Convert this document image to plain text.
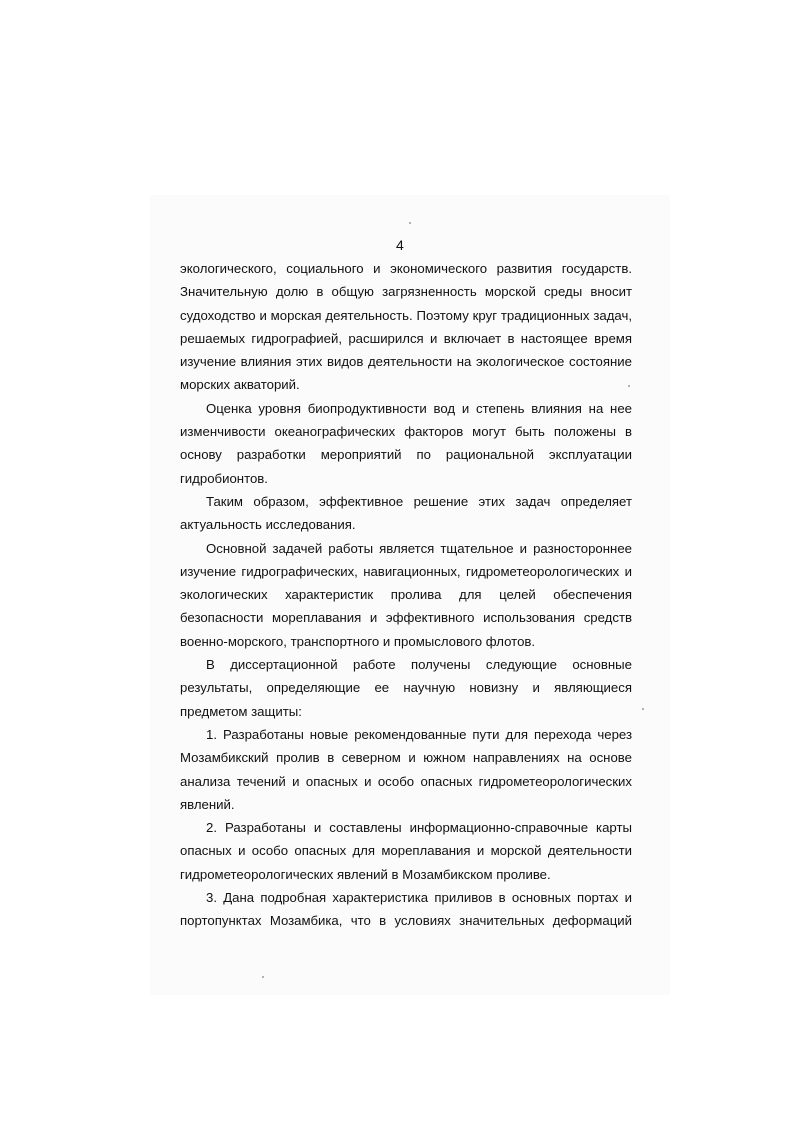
4
экологического, социального и экономического развития государств.
Значительную долю в общую загрязненность морской среды вносит
судоходство и морская деятельность. Поэтому круг традиционных задач,
решаемых гидрографией, расширился и включает в настоящее время
изучение влияния этих видов деятельности на экологическое состояние
морских акваторий.
Оценка уровня биопродуктивности вод и степень влияния на нее
изменчивости океанографических факторов могут быть положены в
основу разработки мероприятий по рациональной эксплуатации
гидробионтов.
Таким образом, эффективное решение этих задач определяет
актуальность исследования.
Основной задачей работы является тщательное и разностороннее
изучение гидрографических, навигационных, гидрометеорологических и
экологических характеристик пролива для целей обеспечения
безопасности мореплавания и эффективного использования средств
военно-морского, транспортного и промыслового флотов.
В диссертационной работе получены следующие основные
результаты, определяющие ее научную новизну и являющиеся
предметом защиты:
1. Разработаны новые рекомендованные пути для перехода через
Мозамбикский пролив в северном и южном направлениях на основе
анализа течений и опасных и особо опасных гидрометеорологических
явлений.
2. Разработаны и составлены информационно-справочные карты
опасных и особо опасных для мореплавания и морской деятельности
гидрометеорологических явлений в Мозамбикском проливе.
3. Дана подробная характеристика приливов в основных портах и
портопунктах Мозамбика, что в условиях значительных деформаций
